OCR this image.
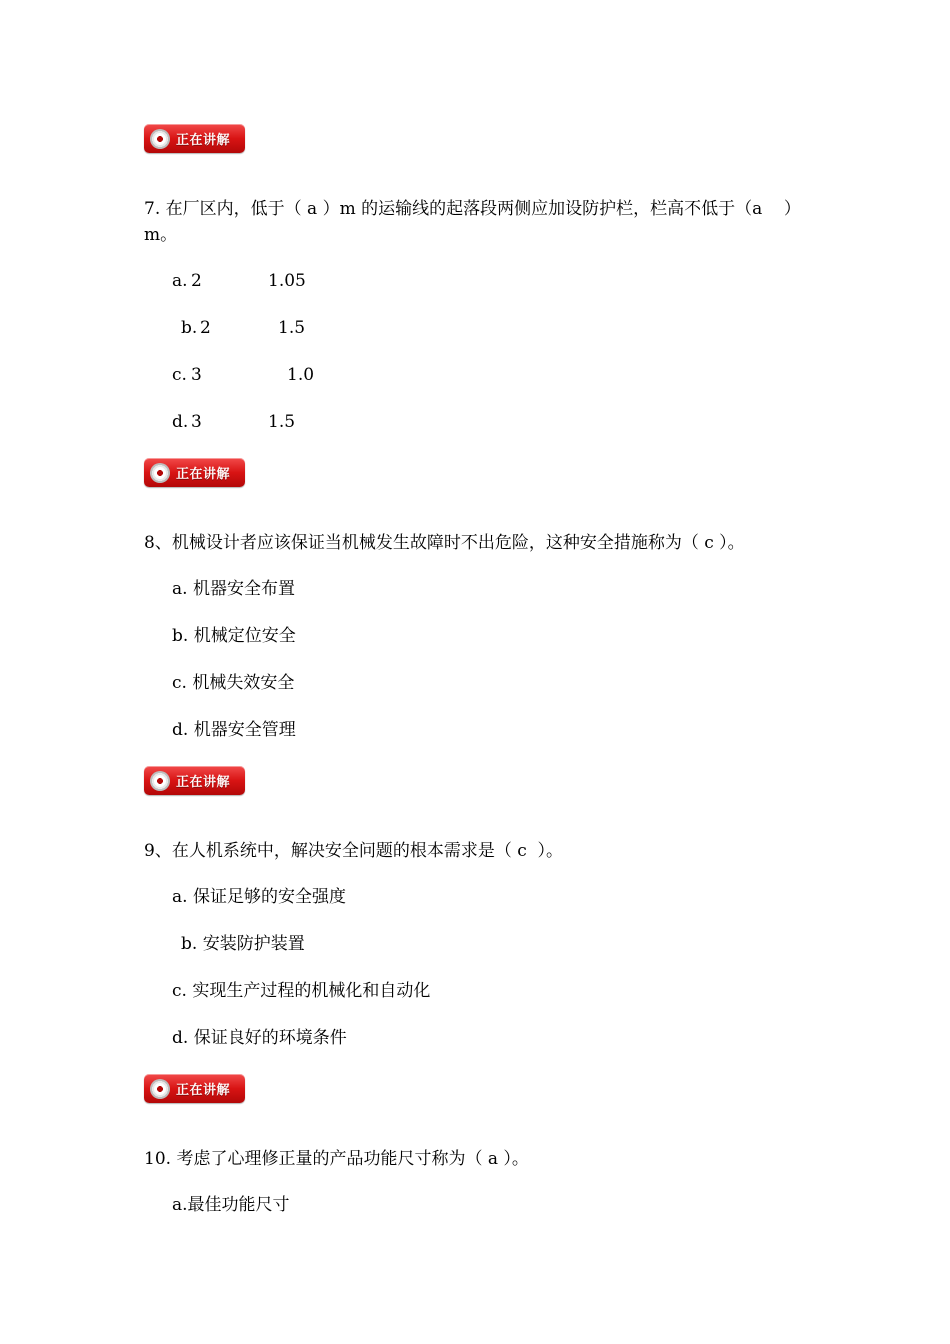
正在讲解
7. 在厂区内，低于（ a ）m 的运输线的起落段两侧应加设防护栏，栏高不低于（a    ）m。
a. 2	1.05
b. 2	1.5
c. 3	1.0
d. 3	1.5
正在讲解
8、机械设计者应该保证当机械发生故障时不出危险，这种安全措施称为（ c ）。
a. 机器安全布置
b. 机械定位安全
c. 机械失效安全
d. 机器安全管理
正在讲解
9、在人机系统中，解决安全问题的根本需求是（ c  ）。
a. 保证足够的安全强度
b. 安装防护装置
c. 实现生产过程的机械化和自动化
d. 保证良好的环境条件
正在讲解
10. 考虑了心理修正量的产品功能尺寸称为（ a ）。
a.最佳功能尺寸
